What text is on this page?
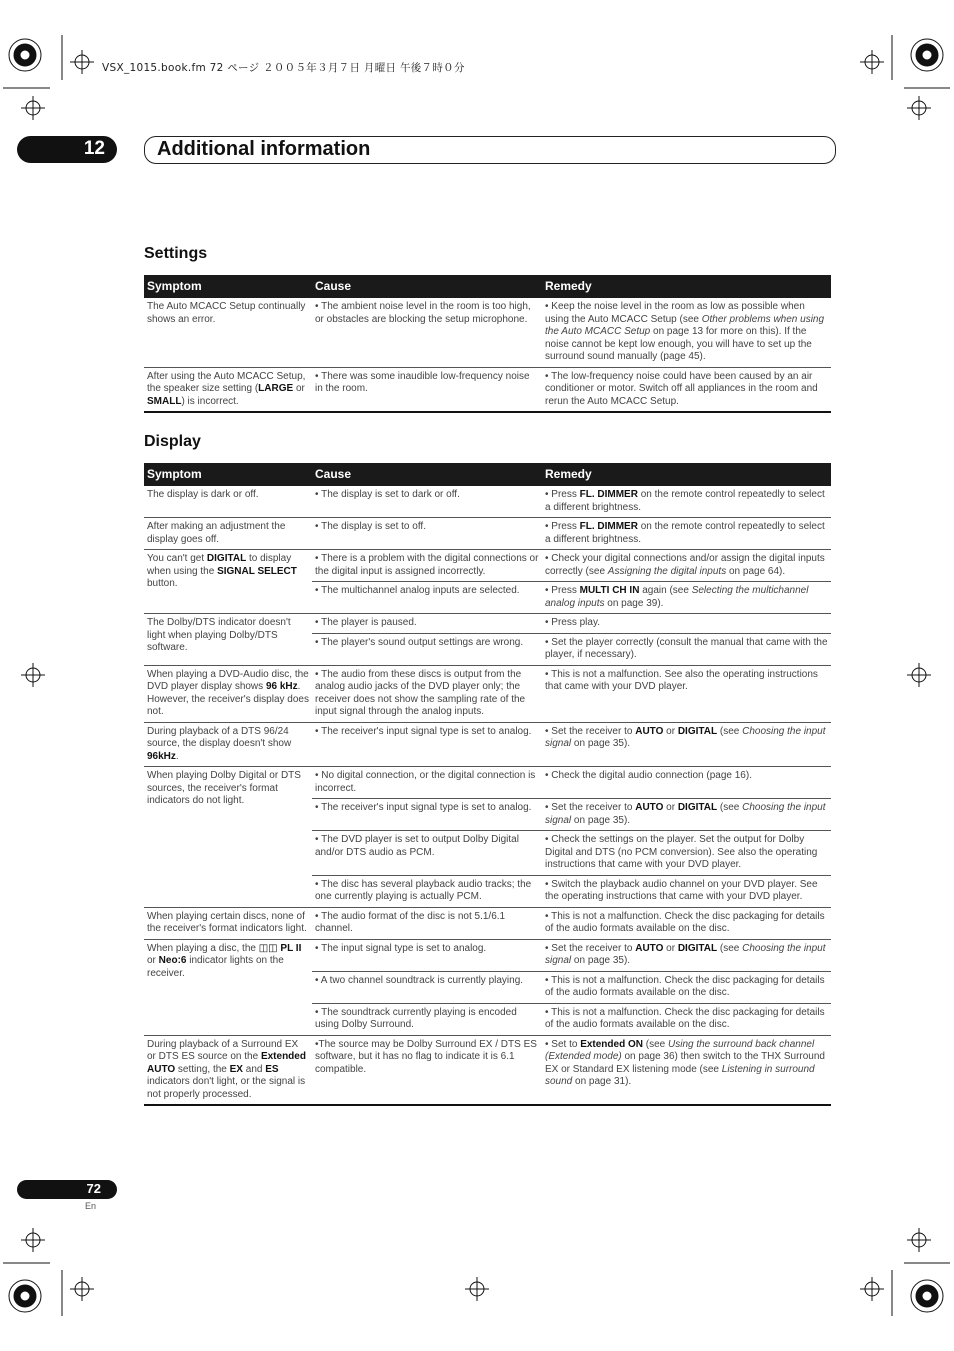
VSX_1015.book.fm 72 ページ ２００５年３月７日 月曜日 午後７時０分
12	Additional information
Settings
Symptom	Cause	Remedy
The Auto MCACC Setup continually shows an error.	• The ambient noise level in the room is too high, or obstacles are blocking the setup microphone.	• Keep the noise level in the room as low as possible when using the Auto MCACC Setup (see Other problems when using the Auto MCACC Setup on page 13 for more on this). If the noise cannot be kept low enough, you will have to set up the surround sound manually (page 45).
After using the Auto MCACC Setup, the speaker size setting (LARGE or SMALL) is incorrect.	• There was some inaudible low-frequency noise in the room.	• The low-frequency noise could have been caused by an air conditioner or motor. Switch off all appliances in the room and rerun the Auto MCACC Setup.
Display
Symptom	Cause	Remedy
The display is dark or off.	• The display is set to dark or off.	• Press FL. DIMMER on the remote control repeatedly to select a different brightness.
After making an adjustment the display goes off.	• The display is set to off.	• Press FL. DIMMER on the remote control repeatedly to select a different brightness.
You can't get DIGITAL to display when using the SIGNAL SELECT button.	• There is a problem with the digital connections or the digital input is assigned incorrectly.	• Check your digital connections and/or assign the digital inputs correctly (see Assigning the digital inputs on page 64).
	• The multichannel analog inputs are selected.	• Press MULTI CH IN again (see Selecting the multichannel analog inputs on page 39).
The Dolby/DTS indicator doesn't light when playing Dolby/DTS software.	• The player is paused.	• Press play.
	• The player's sound output settings are wrong.	• Set the player correctly (consult the manual that came with the player, if necessary).
When playing a DVD-Audio disc, the DVD player display shows 96 kHz. However, the receiver's display does not.	• The audio from these discs is output from the analog audio jacks of the DVD player only; the receiver does not show the sampling rate of the input signal through the analog inputs.	• This is not a malfunction. See also the operating instructions that came with your DVD player.
During playback of a DTS 96/24 source, the display doesn't show 96kHz.	• The receiver's input signal type is set to analog.	• Set the receiver to AUTO or DIGITAL (see Choosing the input signal on page 35).
When playing Dolby Digital or DTS sources, the receiver's format indicators do not light.	• No digital connection, or the digital connection is incorrect.	• Check the digital audio connection (page 16).
	• The receiver's input signal type is set to analog.	• Set the receiver to AUTO or DIGITAL (see Choosing the input signal on page 35).
	• The DVD player is set to output Dolby Digital and/or DTS audio as PCM.	• Check the settings on the player. Set the output for Dolby Digital and DTS (no PCM conversion). See also the operating instructions that came with your DVD player.
	• The disc has several playback audio tracks; the one currently playing is actually PCM.	• Switch the playback audio channel on your DVD player. See the operating instructions that came with your DVD player.
When playing certain discs, none of the receiver's format indicators light.	• The audio format of the disc is not 5.1/6.1 channel.	• This is not a malfunction. Check the disc packaging for details of the audio formats available on the disc.
When playing a disc, the ◫◫ PL II or Neo:6 indicator lights on the receiver.	• The input signal type is set to analog.	• Set the receiver to AUTO or DIGITAL (see Choosing the input signal on page 35).
	• A two channel soundtrack is currently playing.	• This is not a malfunction. Check the disc packaging for details of the audio formats available on the disc.
	• The soundtrack currently playing is encoded using Dolby Surround.	• This is not a malfunction. Check the disc packaging for details of the audio formats available on the disc.
During playback of a Surround EX or DTS ES source on the Extended AUTO setting, the EX and ES indicators don't light, or the signal is not properly processed.	•The source may be Dolby Surround EX / DTS ES software, but it has no flag to indicate it is 6.1 compatible.	• Set to Extended ON (see Using the surround back channel (Extended mode) on page 36) then switch to the THX Surround EX or Standard EX listening mode (see Listening in surround sound on page 31).
72
En
